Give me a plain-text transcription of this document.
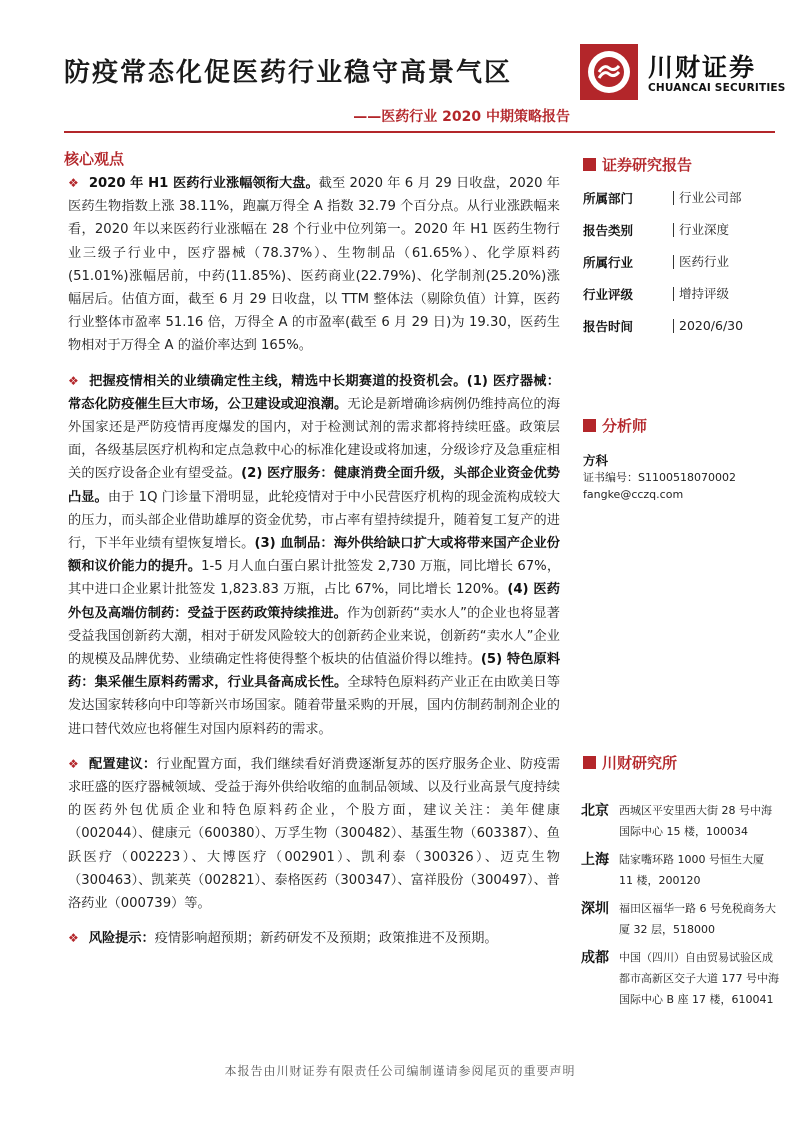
防疫常态化促医药行业稳守高景气区
——医药行业 2020 中期策略报告
川财证券
CHUANCAI SECURITIES
核心观点

❖ 2020 年 H1 医药行业涨幅领衔大盘。截至 2020 年 6 月 29 日收盘，2020 年医药生物指数上涨 38.11%，跑赢万得全 A 指数 32.79 个百分点。从行业涨跌幅来看，2020 年以来医药行业涨幅在 28 个行业中位列第一。2020 年 H1 医药生物行业三级子行业中，医疗器械（78.37%）、生物制品（61.65%）、化学原料药(51.01%)涨幅居前，中药(11.85%)、医药商业(22.79%)、化学制剂(25.20%)涨幅居后。估值方面，截至 6 月 29 日收盘，以 TTM 整体法（剔除负值）计算，医药行业整体市盈率 51.16 倍，万得全 A 的市盈率(截至 6 月 29 日)为 19.30，医药生物相对于万得全 A 的溢价率达到 165%。

❖ 把握疫情相关的业绩确定性主线，精选中长期赛道的投资机会。(1) 医疗器械：常态化防疫催生巨大市场，公卫建设或迎浪潮。无论是新增确诊病例仍维持高位的海外国家还是严防疫情再度爆发的国内，对于检测试剂的需求都将持续旺盛。政策层面，各级基层医疗机构和定点急救中心的标准化建设或将加速，分级诊疗及急重症相关的医疗设备企业有望受益。(2) 医疗服务：健康消费全面升级，头部企业资金优势凸显。由于 1Q 门诊量下滑明显，此轮疫情对于中小民营医疗机构的现金流构成较大的压力，而头部企业借助雄厚的资金优势，市占率有望持续提升，随着复工复产的进行，下半年业绩有望恢复增长。(3) 血制品：海外供给缺口扩大或将带来国产企业份额和议价能力的提升。1-5 月人血白蛋白累计批签发 2,730 万瓶，同比增长 67%，其中进口企业累计批签发 1,823.83 万瓶，占比 67%，同比增长 120%。(4) 医药外包及高端仿制药：受益于医药政策持续推进。作为创新药“卖水人”的企业也将显著受益我国创新药大潮，相对于研发风险较大的创新药企业来说，创新药“卖水人”企业的规模及品牌优势、业绩确定性将使得整个板块的估值溢价得以维持。(5) 特色原料药：集采催生原料药需求，行业具备高成长性。全球特色原料药产业正在由欧美日等发达国家转移向中印等新兴市场国家。随着带量采购的开展，国内仿制药制剂企业的进口替代效应也将催生对国内原料药的需求。

❖ 配置建议：行业配置方面，我们继续看好消费逐渐复苏的医疗服务企业、防疫需求旺盛的医疗器械领域、受益于海外供给收缩的血制品领域、以及行业高景气度持续的医药外包优质企业和特色原料药企业，个股方面，建议关注：美年健康（002044）、健康元（600380）、万孚生物（300482）、基蛋生物（603387）、鱼跃医疗（002223）、大博医疗（002901）、凯利泰（300326）、迈克生物（300463）、凯莱英（002821）、泰格医药（300347）、富祥股份（300497）、普洛药业（000739）等。

❖ 风险提示：疫情影响超预期；新药研发不及预期；政策推进不及预期。

证券研究报告
所属部门	行业公司部
报告类别	行业深度
所属行业	医药行业
行业评级	增持评级
报告时间	2020/6/30
分析师
方科
证书编号：S1100518070002
fangke@cczq.com
川财研究所
北京 西城区平安里西大街 28 号中海国际中心 15 楼，100034
上海 陆家嘴环路 1000 号恒生大厦 11 楼，200120
深圳 福田区福华一路 6 号免税商务大厦 32 层，518000
成都 中国（四川）自由贸易试验区成都市高新区交子大道 177 号中海国际中心 B 座 17 楼，610041
本报告由川财证券有限责任公司编制谨请参阅尾页的重要声明
